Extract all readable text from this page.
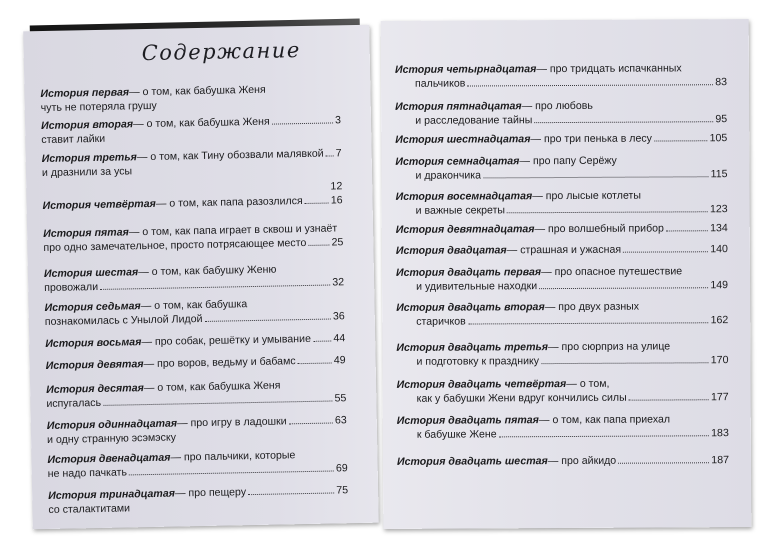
Содержание
История первая — о том, как бабушка Женя
чуть не потеряла грушу
История вторая — о том, как бабушка Женя	3
ставит лайки
История третья — о том, как Тину обозвали малявкой 7
и дразнили за усы
12
История четвёртая — о том, как папа разозлился	16
История пятая — о том, как папа играет в сквош и узнаёт
про одно замечательное, просто потрясающее место 25
История шестая — о том, как бабушку Женю
провожали	32
История седьмая — о том, как бабушка
познакомилась с Унылой Лидой	36
История восьмая — про собак, решётку и умывание 44
История девятая — про воров, ведьму и бабамс	49
История десятая — о том, как бабушка Женя
испугалась	55
История одиннадцатая — про игру в ладошки	63
и одну странную эсэмэску
История двенадцатая — про пальчики, которые
не надо пачкать	69
История тринадцатая — про пещеру	75
со сталактитами
История четырнадцатая — про тридцать испачканных
пальчиков	83
История пятнадцатая — про любовь
и расследование тайны	95
История шестнадцатая — про три пенька в лесу	105
История семнадцатая — про папу Серёжу
и дракончика	115
История восемнадцатая — про лысые котлеты
и важные секреты	123
История девятнадцатая — про волшебный прибор	134
История двадцатая — страшная и ужасная	140
История двадцать первая — про опасное путешествие
и удивительные находки	149
История двадцать вторая — про двух разных
старичков	162
История двадцать третья — про сюрприз на улице
и подготовку к празднику	170
История двадцать четвёртая — о том,
как у бабушки Жени вдруг кончились силы	177
История двадцать пятая — о том, как папа приехал
к бабушке Жене	183
История двадцать шестая — про айкидо	187
